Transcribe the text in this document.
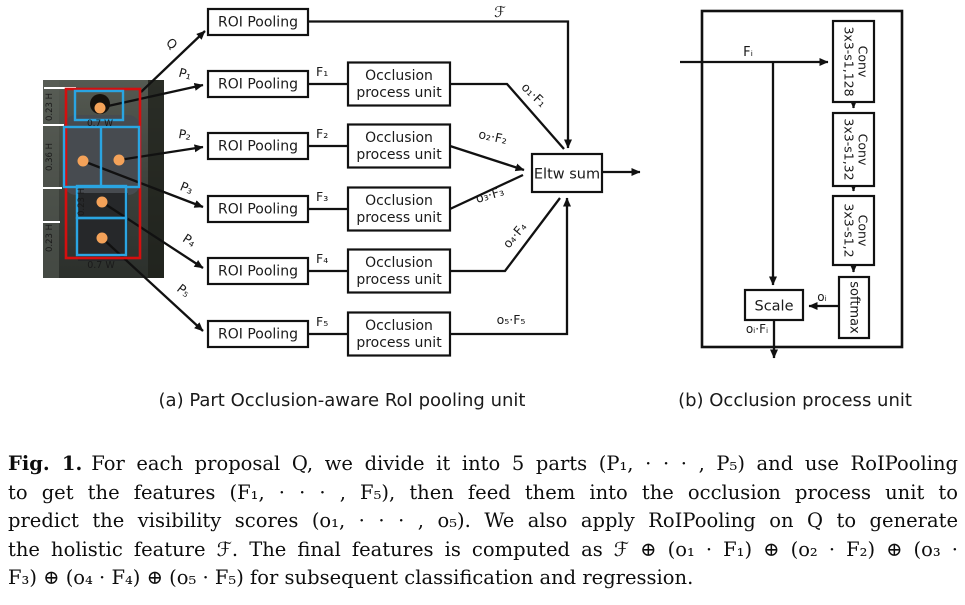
0.7 W
0.7 W
0.23 H
0.36 H
0.23 H
0.23 H
ROI Pooling
ROI Pooling
ROI Pooling
ROI Pooling
ROI Pooling
ROI Pooling
Occlusion
process unit
Occlusion
process unit
Occlusion
process unit
Occlusion
process unit
Occlusion
process unit
Eltw sum
ℱ
Q
P₁
P₂
P₃
P₄
P₅
F₁
F₂
F₃
F₄
F₅
o₁·F₁
o₂·F₂
o₃·F₃
o₄·F₄
o₅·F₅
(a) Part Occlusion-aware RoI pooling unit
Conv
3x3-s1,128
Conv
3x3-s1,32
Conv
3x3-s1,2
softmax
Scale
Fᵢ
oᵢ
oᵢ·Fᵢ
(b) Occlusion process unit
Fig. 1. For each proposal Q, we divide it into 5 parts (P₁, · · · , P₅) and use RoIPooling
to get the features (F₁, · · · , F₅), then feed them into the occlusion process unit to
predict the visibility scores (o₁, · · · , o₅). We also apply RoIPooling on Q to generate
the holistic feature ℱ. The final features is computed as ℱ ⊕ (o₁ · F₁) ⊕ (o₂ · F₂) ⊕ (o₃ ·
F₃) ⊕ (o₄ · F₄) ⊕ (o₅ · F₅) for subsequent classification and regression.
